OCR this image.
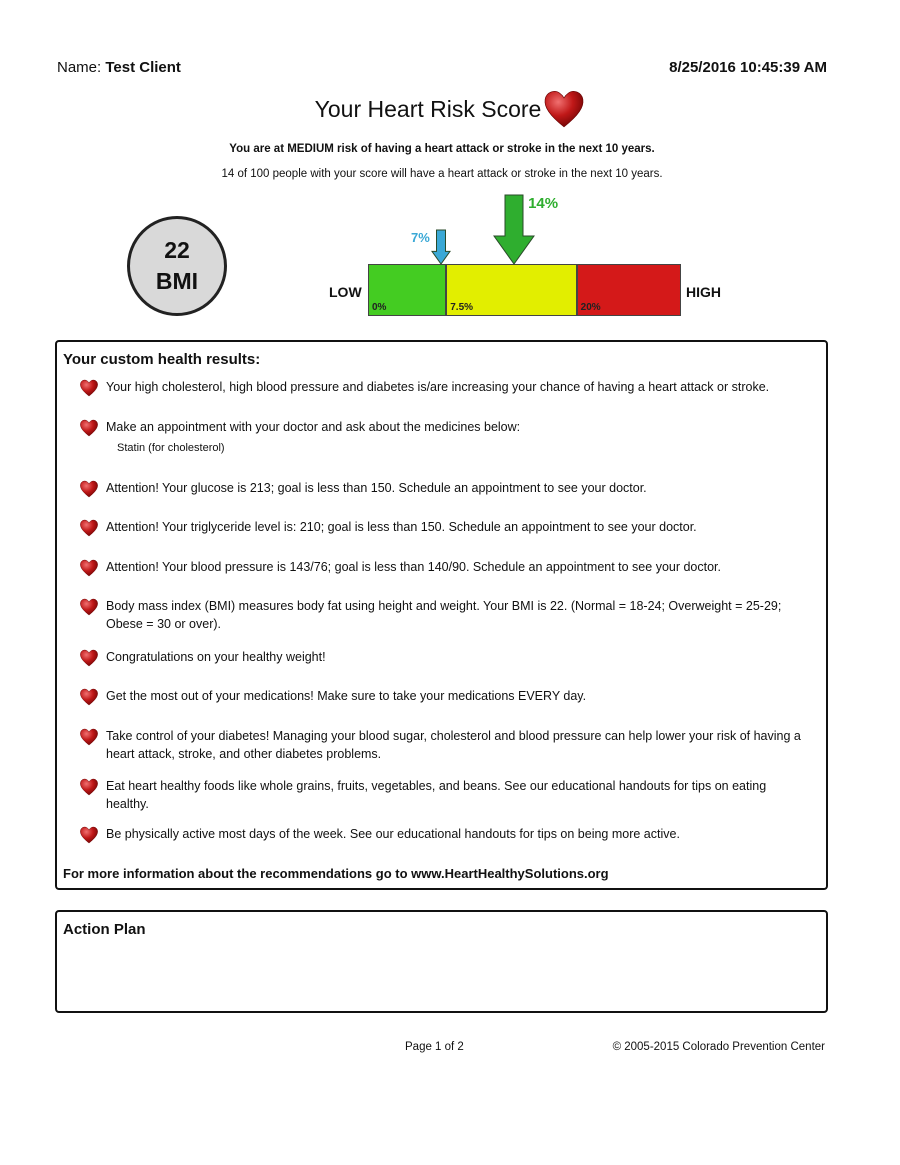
Name: Test Client	8/25/2016 10:45:39 AM
Your Heart Risk Score
You are at MEDIUM risk of having a heart attack or stroke in the next 10 years.
14 of 100 people with your score will have a heart attack or stroke in the next 10 years.
22
BMI	LOW	HIGH
0%	7.5%	20%
7%
14%
Your custom health results:
Your high cholesterol, high blood pressure and diabetes is/are increasing your chance of having a heart attack or stroke.
Make an appointment with your doctor and ask about the medicines below:
Statin (for cholesterol)
Attention! Your glucose is 213; goal is less than 150. Schedule an appointment to see your doctor.
Attention! Your triglyceride level is: 210; goal is less than 150. Schedule an appointment to see your doctor.
Attention! Your blood pressure is 143/76; goal is less than 140/90. Schedule an appointment to see your doctor.
Body mass index (BMI) measures body fat using height and weight. Your BMI is 22. (Normal = 18-24; Overweight = 25-29; Obese = 30 or over).
Congratulations on your healthy weight!
Get the most out of your medications! Make sure to take your medications EVERY day.
Take control of your diabetes! Managing your blood sugar, cholesterol and blood pressure can help lower your risk of having a heart attack, stroke, and other diabetes problems.
Eat heart healthy foods like whole grains, fruits, vegetables, and beans. See our educational handouts for tips on eating healthy.
Be physically active most days of the week. See our educational handouts for tips on being more active.
For more information about the recommendations go to www.HeartHealthySolutions.org
Action Plan
Page 1 of 2	© 2005-2015 Colorado Prevention Center
